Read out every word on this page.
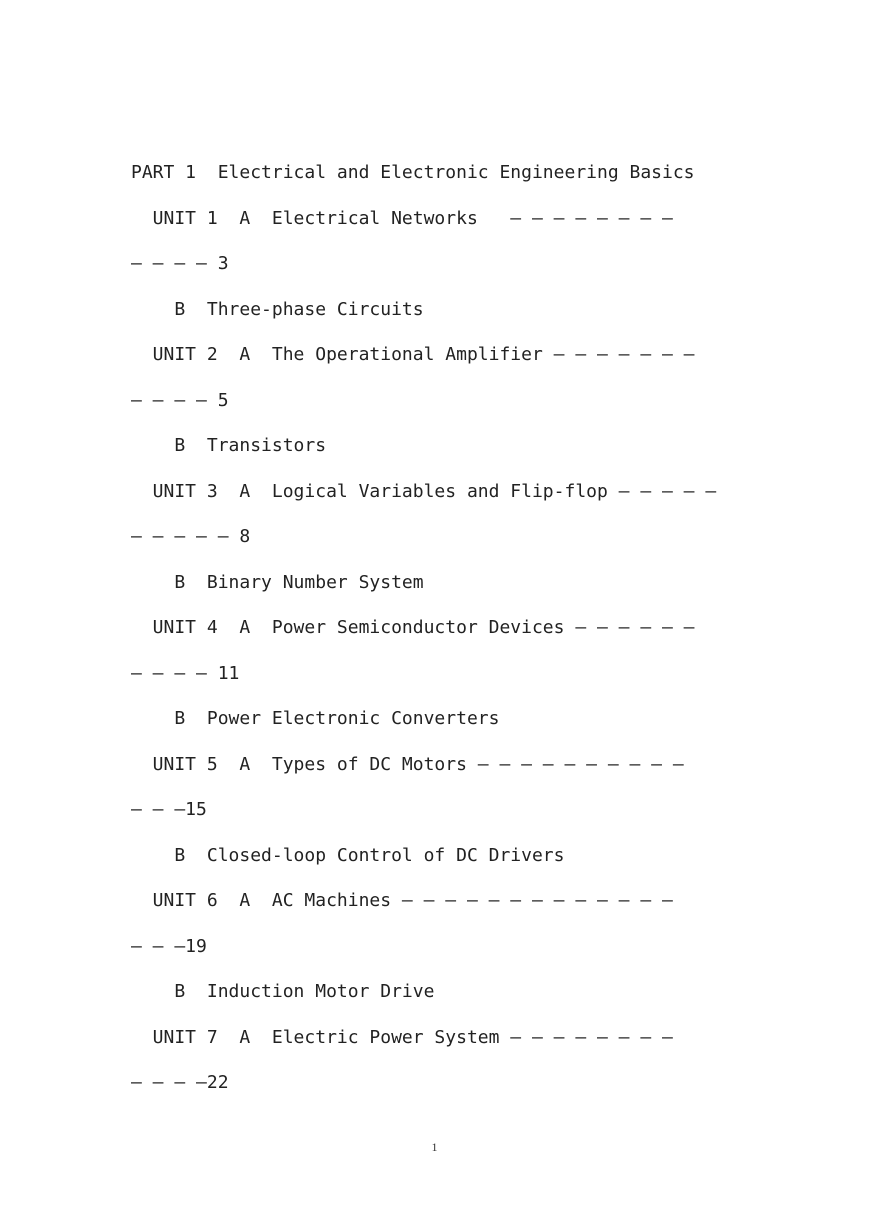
PART 1  Electrical and Electronic Engineering Basics
UNIT 1  A  Electrical Networks   — — — — — — — —
— — — — 3
B  Three-phase Circuits
UNIT 2  A  The Operational Amplifier — — — — — — —
— — — — 5
B  Transistors
UNIT 3  A  Logical Variables and Flip-flop — — — — —
— — — — — 8
B  Binary Number System
UNIT 4  A  Power Semiconductor Devices — — — — — —
— — — — 11
B  Power Electronic Converters
UNIT 5  A  Types of DC Motors — — — — — — — — — —
— — —15
B  Closed-loop Control of DC Drivers
UNIT 6  A  AC Machines — — — — — — — — — — — — —
— — —19
B  Induction Motor Drive
UNIT 7  A  Electric Power System — — — — — — — —
— — — —22
1
